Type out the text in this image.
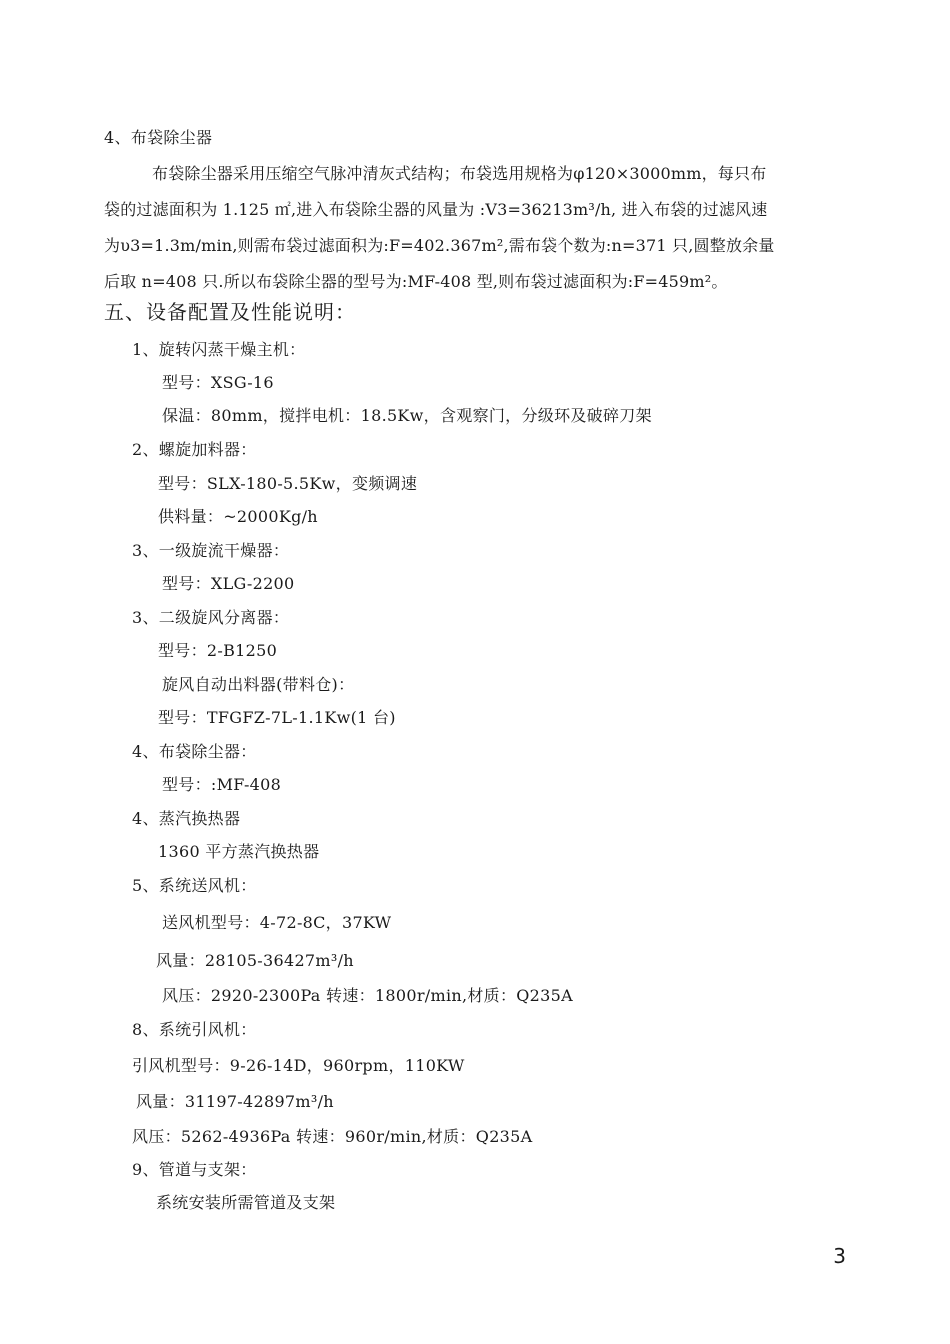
4、布袋除尘器
布袋除尘器采用压缩空气脉冲清灰式结构；布袋选用规格为φ120×3000mm，每只布
袋的过滤面积为 1.125 ㎡,进入布袋除尘器的风量为 :V3=36213m³/h, 进入布袋的过滤风速
为υ3=1.3m/min,则需布袋过滤面积为:F=402.367m²,需布袋个数为:n=371 只,圆整放余量
后取 n=408 只.所以布袋除尘器的型号为:MF-408 型,则布袋过滤面积为:F=459m²。
五、设备配置及性能说明：
1、旋转闪蒸干燥主机：
型号：XSG-16
保温：80mm，搅拌电机：18.5Kw，含观察门，分级环及破碎刀架
2、螺旋加料器：
型号：SLX-180-5.5Kw，变频调速
供料量：~2000Kg/h
3、一级旋流干燥器：
型号：XLG-2200
3、二级旋风分离器：
型号：2-B1250
旋风自动出料器(带料仓)：
型号：TFGFZ-7L-1.1Kw(1 台)
4、布袋除尘器：
型号：:MF-408
4、蒸汽换热器
1360 平方蒸汽换热器
5、系统送风机：
送风机型号：4-72-8C，37KW
风量：28105-36427m³/h
风压：2920-2300Pa 转速：1800r/min,材质：Q235A
8、系统引风机：
引风机型号：9-26-14D，960rpm，110KW
风量：31197-42897m³/h
风压：5262-4936Pa 转速：960r/min,材质：Q235A
9、管道与支架：
系统安装所需管道及支架
3
